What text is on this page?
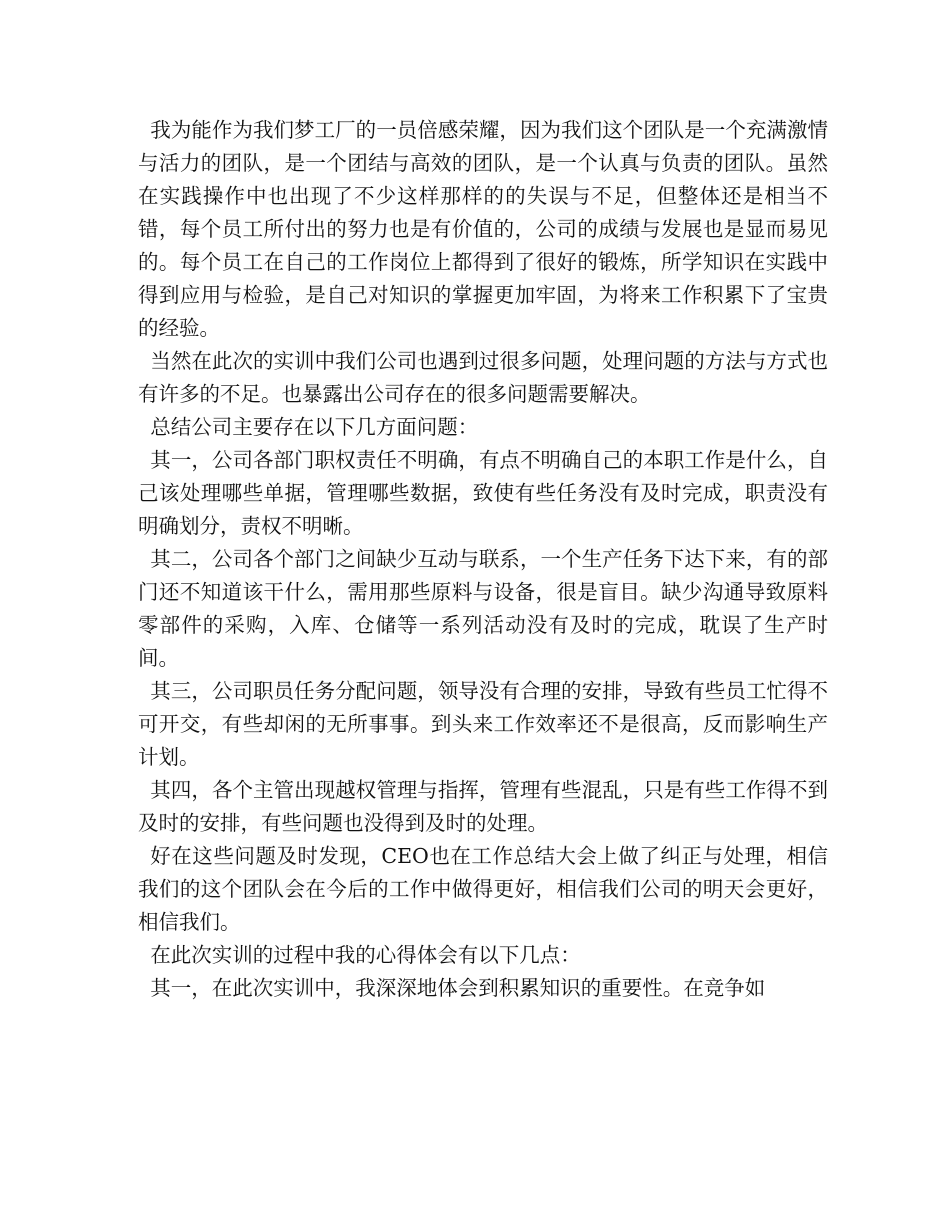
我为能作为我们梦工厂的一员倍感荣耀，因为我们这个团队是一个充满激情与活力的团队，是一个团结与高效的团队，是一个认真与负责的团队。虽然在实践操作中也出现了不少这样那样的的失误与不足，但整体还是相当不错，每个员工所付出的努力也是有价值的，公司的成绩与发展也是显而易见的。每个员工在自己的工作岗位上都得到了很好的锻炼，所学知识在实践中得到应用与检验，是自己对知识的掌握更加牢固，为将来工作积累下了宝贵的经验。

当然在此次的实训中我们公司也遇到过很多问题，处理问题的方法与方式也有许多的不足。也暴露出公司存在的很多问题需要解决。

总结公司主要存在以下几方面问题：

其一，公司各部门职权责任不明确，有点不明确自己的本职工作是什么，自己该处理哪些单据，管理哪些数据，致使有些任务没有及时完成，职责没有明确划分，责权不明晰。

其二，公司各个部门之间缺少互动与联系，一个生产任务下达下来，有的部门还不知道该干什么，需用那些原料与设备，很是盲目。缺少沟通导致原料零部件的采购，入库、仓储等一系列活动没有及时的完成，耽误了生产时间。

其三，公司职员任务分配问题，领导没有合理的安排，导致有些员工忙得不可开交，有些却闲的无所事事。到头来工作效率还不是很高，反而影响生产计划。

其四，各个主管出现越权管理与指挥，管理有些混乱，只是有些工作得不到及时的安排，有些问题也没得到及时的处理。

好在这些问题及时发现，CEO也在工作总结大会上做了纠正与处理，相信我们的这个团队会在今后的工作中做得更好，相信我们公司的明天会更好，相信我们。

在此次实训的过程中我的心得体会有以下几点：

其一，在此次实训中，我深深地体会到积累知识的重要性。在竞争如
